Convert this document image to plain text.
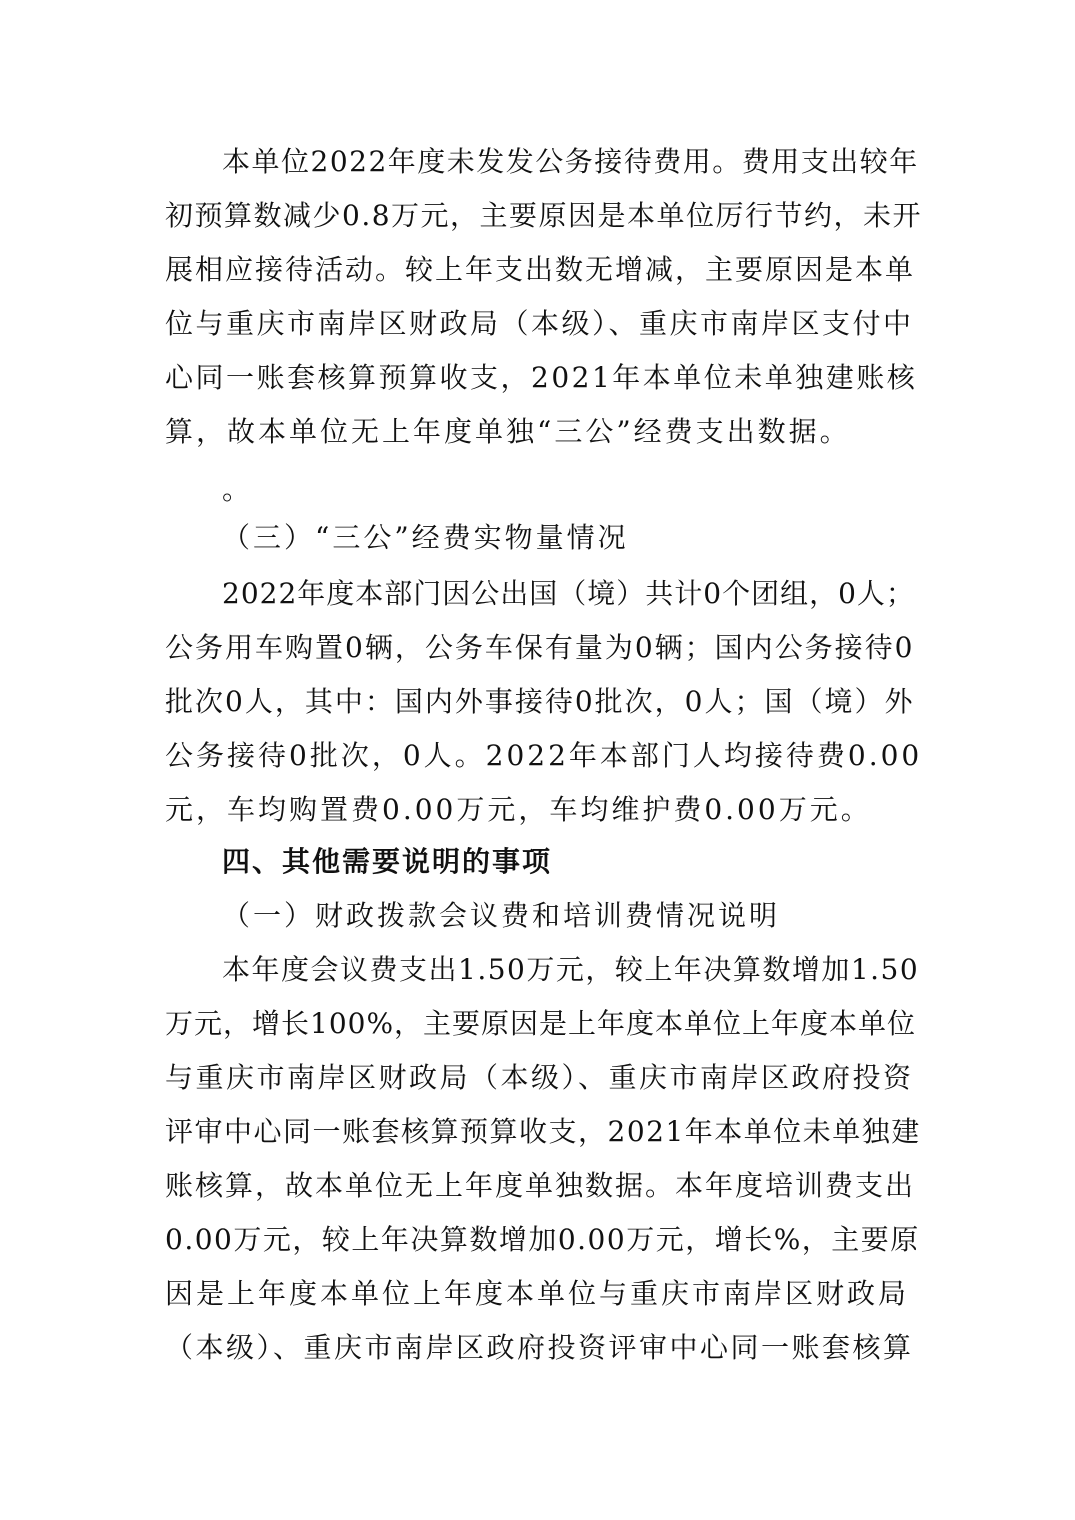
本单位2022年度未发发公务接待费用。费用支出较年
初预算数减少0.8万元，主要原因是本单位厉行节约，未开
展相应接待活动。较上年支出数无增减，主要原因是本单
位与重庆市南岸区财政局（本级）、重庆市南岸区支付中
心同一账套核算预算收支，2021年本单位未单独建账核
算，故本单位无上年度单独“三公”经费支出数据。
。
（三）“三公”经费实物量情况
2022年度本部门因公出国（境）共计0个团组，0人；
公务用车购置0辆，公务车保有量为0辆；国内公务接待0
批次0人，其中：国内外事接待0批次，0人；国（境）外
公务接待0批次，0人。2022年本部门人均接待费0.00
元，车均购置费0.00万元，车均维护费0.00万元。
四、其他需要说明的事项
（一）财政拨款会议费和培训费情况说明
本年度会议费支出1.50万元，较上年决算数增加1.50
万元，增长100%，主要原因是上年度本单位上年度本单位
与重庆市南岸区财政局（本级）、重庆市南岸区政府投资
评审中心同一账套核算预算收支，2021年本单位未单独建
账核算，故本单位无上年度单独数据。本年度培训费支出
0.00万元，较上年决算数增加0.00万元，增长%，主要原
因是上年度本单位上年度本单位与重庆市南岸区财政局
（本级）、重庆市南岸区政府投资评审中心同一账套核算
